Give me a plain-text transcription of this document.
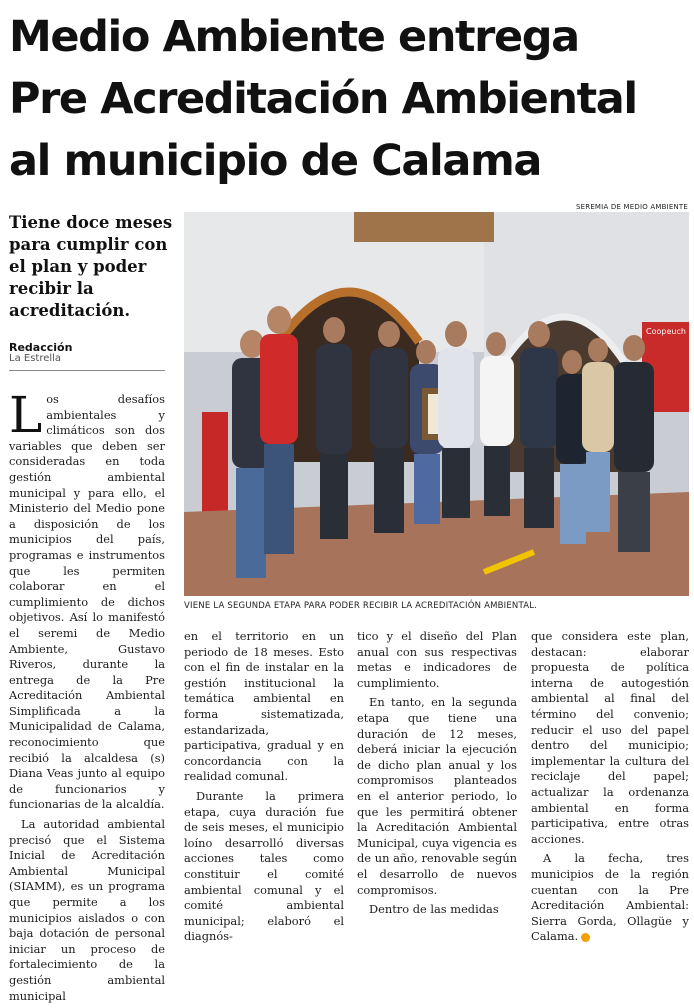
Medio Ambiente entrega
Pre Acreditación Ambiental
al municipio de Calama
Tiene doce meses para cumplir con el plan y poder recibir la acreditación.
Redacción
La Estrella
SEREMIA DE MEDIO AMBIENTE
Coopeuch
VIENE LA SEGUNDA ETAPA PARA PODER RECIBIR LA ACREDITACIÓN AMBIENTAL.

Los desafíos ambientales y climáticos son dos variables que deben ser consideradas en toda gestión ambiental municipal y para ello, el Ministerio del Medio pone a disposición de los municipios del país, programas e instrumentos que les permiten colaborar en el cumplimiento de dichos objetivos. Así lo manifestó el seremi de Medio Ambiente, Gustavo Riveros, durante la entrega de la Pre Acreditación Ambiental Simplificada a la Municipalidad de Calama, reconocimiento que recibió la alcaldesa (s) Diana Veas junto al equipo de funcionarios y funcionarias de la alcaldía.

La autoridad ambiental precisó que el Sistema Inicial de Acreditación Ambiental Municipal (SIAMM), es un programa que permite a los municipios aislados o con baja dotación de personal iniciar un proceso de fortalecimiento de la gestión ambiental municipal

en el territorio en un periodo de 18 meses. Esto con el fin de instalar en la gestión institucional la temática ambiental en forma sistematizada, estandarizada, participativa, gradual y en concordancia con la realidad comunal.

Durante la primera etapa, cuya duración fue de seis meses, el municipio loíno desarrolló diversas acciones tales como constituir el comité ambiental comunal y el comité ambiental municipal; elaboró el diagnós-

tico y el diseño del Plan anual con sus respectivas metas e indicadores de cumplimiento.

En tanto, en la segunda etapa que tiene una duración de 12 meses, deberá iniciar la ejecución de dicho plan anual y los compromisos planteados en el anterior periodo, lo que les permitirá obtener la Acreditación Ambiental Municipal, cuya vigencia es de un año, renovable según el desarrollo de nuevos compromisos.

Dentro de las medidas

que considera este plan, destacan: elaborar propuesta de política interna de autogestión ambiental al final del término del convenio; reducir el uso del papel dentro del municipio; implementar la cultura del reciclaje del papel; actualizar la ordenanza ambiental en forma participativa, entre otras acciones.

A la fecha, tres municipios de la región cuentan con la Pre Acreditación Ambiental: Sierra Gorda, Ollagüe y Calama.
